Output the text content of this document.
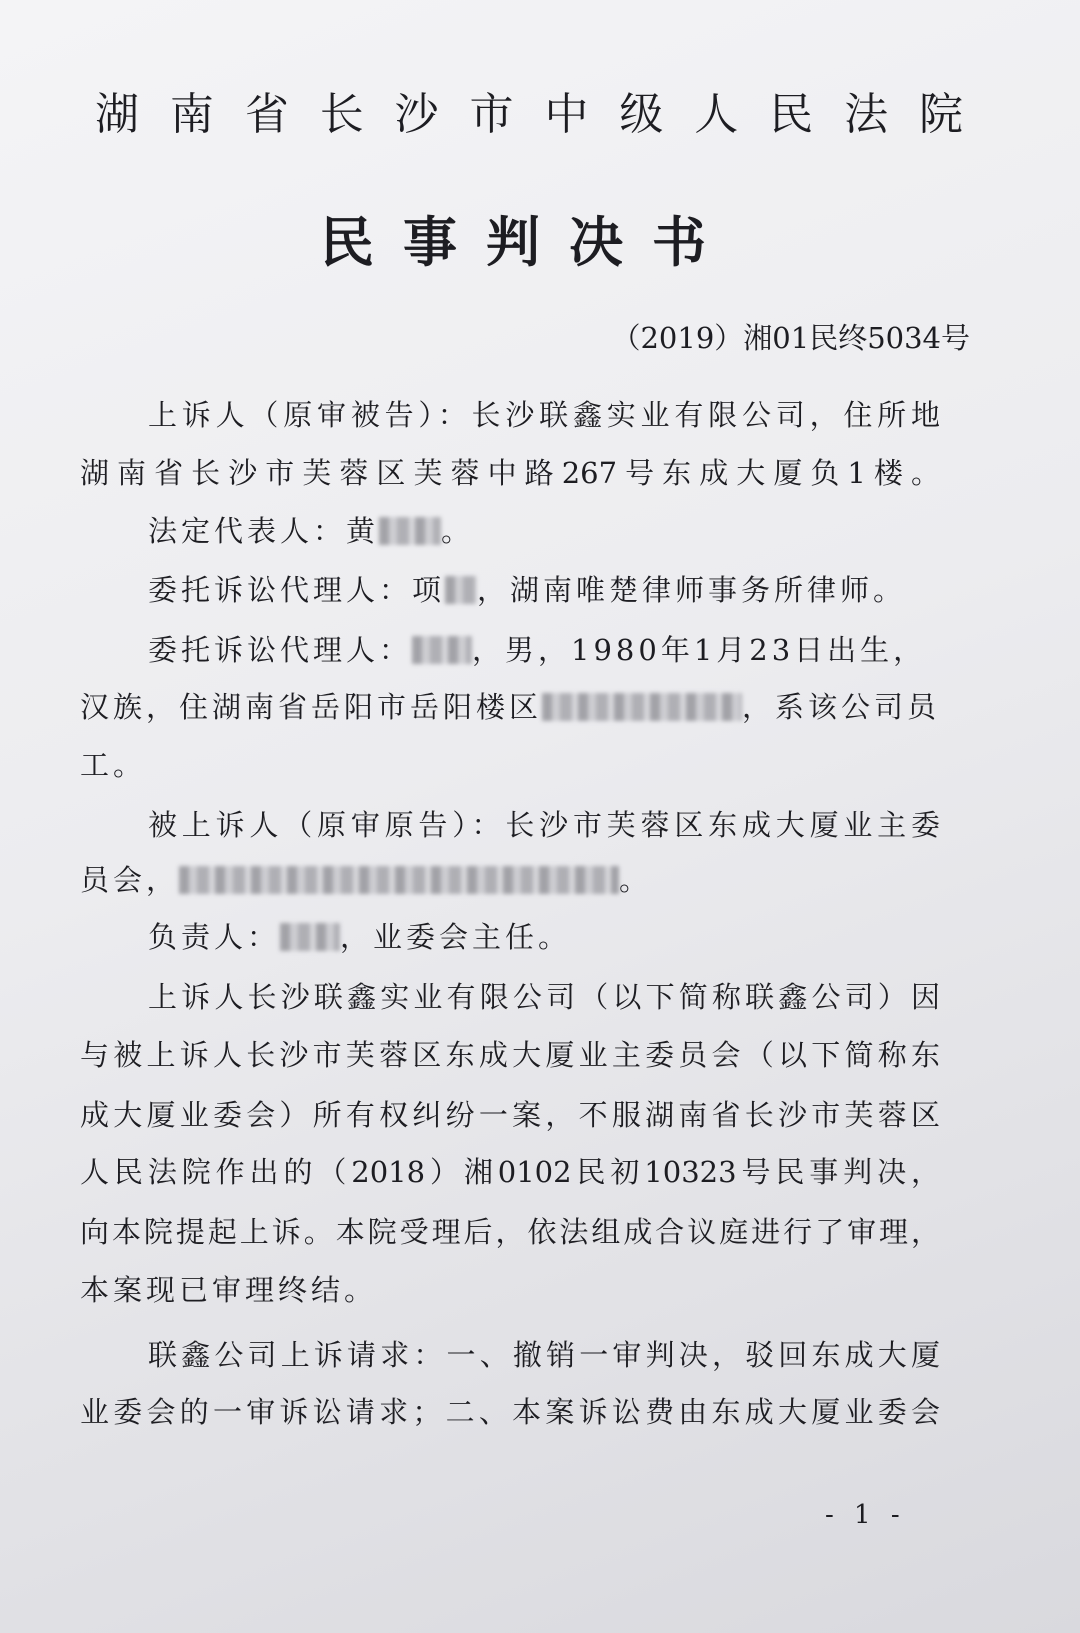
湖南省长沙市中级人民法院
民事判决书
（2019）湘01民终5034号
上诉人（原审被告）：长沙联鑫实业有限公司，住所地
湖南省长沙市芙蓉区芙蓉中路267号东成大厦负1楼。
法定代表人：黄 。
委托诉讼代理人：项 ，湖南唯楚律师事务所律师。
委托诉讼代理人： ，男，1980年1月23日出生，
汉族，住湖南省岳阳市岳阳楼区	，系该公司员
工。
被上诉人（原审原告）：长沙市芙蓉区东成大厦业主委
员会，	。
负责人： ，业委会主任。
上诉人长沙联鑫实业有限公司（以下简称联鑫公司）因
与被上诉人长沙市芙蓉区东成大厦业主委员会（以下简称东
成大厦业委会）所有权纠纷一案，不服湖南省长沙市芙蓉区
人民法院作出的（2018）湘0102民初10323号民事判决，
向本院提起上诉。本院受理后，依法组成合议庭进行了审理，
本案现已审理终结。
联鑫公司上诉请求：一、撤销一审判决，驳回东成大厦
业委会的一审诉讼请求；二、本案诉讼费由东成大厦业委会
- 1 -
